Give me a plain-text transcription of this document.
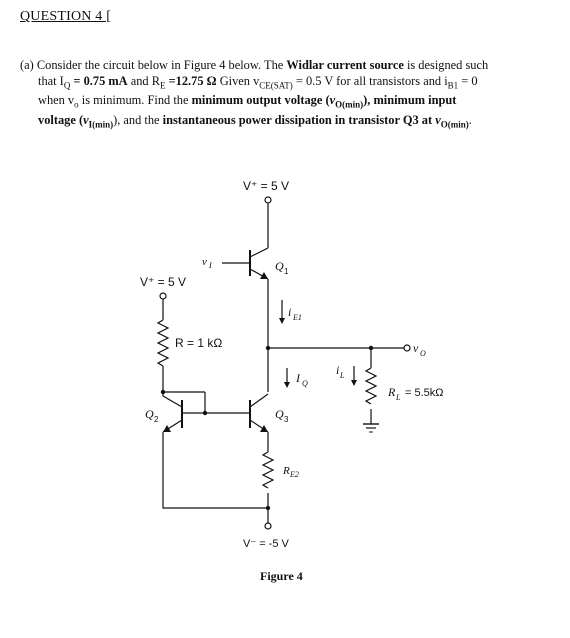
QUESTION 4 [
(a) Consider the circuit below in Figure 4 below. The Widlar current source is designed such
that $I_Q = 0.75$ mA and $R_E =12.75$ Ω Given $v_{CE(SAT)} = 0.5$ V for all transistors and $i_{B1} = 0$
when $v_o$ is minimum. Find the minimum output voltage $(v_{O(min)})$, minimum input
voltage $(v_{I(min)})$, and the instantaneous power dissipation in transistor Q3 at $v_{O(min)}$.
V⁺ = 5 V
v I	Q 1
i E1
v O
R L = 5.5kΩ
i L
I Q
Q 3
R E2
V⁻ = -5 V
V⁺ = 5 V
R = 1 kΩ
Q 2
Figure 4
